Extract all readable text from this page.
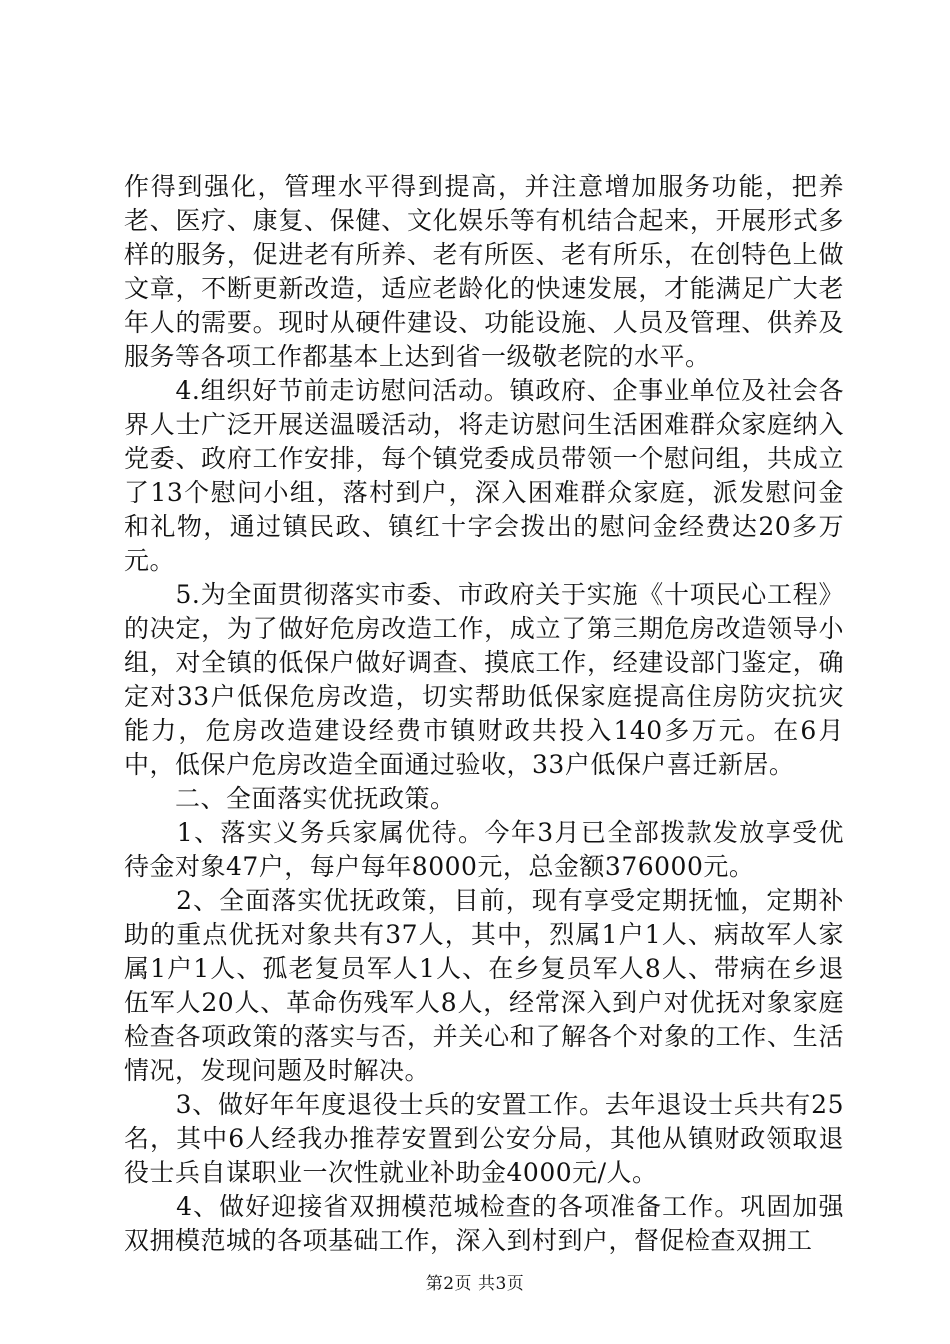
作得到强化，管理水平得到提高，并注意增加服务功能，把养老、医疗、康复、保健、文化娱乐等有机结合起来，开展形式多样的服务，促进老有所养、老有所医、老有所乐，在创特色上做文章，不断更新改造，适应老龄化的快速发展，才能满足广大老年人的需要。现时从硬件建设、功能设施、人员及管理、供养及服务等各项工作都基本上达到省一级敬老院的水平。

　　4.组织好节前走访慰问活动。镇政府、企事业单位及社会各界人士广泛开展送温暖活动，将走访慰问生活困难群众家庭纳入党委、政府工作安排，每个镇党委成员带领一个慰问组，共成立了13个慰问小组，落村到户，深入困难群众家庭，派发慰问金和礼物，通过镇民政、镇红十字会拨出的慰问金经费达20多万元。

　　5.为全面贯彻落实市委、市政府关于实施《十项民心工程》的决定，为了做好危房改造工作，成立了第三期危房改造领导小组，对全镇的低保户做好调查、摸底工作，经建设部门鉴定，确定对33户低保危房改造，切实帮助低保家庭提高住房防灾抗灾能力，危房改造建设经费市镇财政共投入140多万元。在6月中，低保户危房改造全面通过验收，33户低保户喜迁新居。

　　二、全面落实优抚政策。

　　1、落实义务兵家属优待。今年3月已全部拨款发放享受优待金对象47户，每户每年8000元，总金额376000元。

　　2、全面落实优抚政策，目前，现有享受定期抚恤，定期补助的重点优抚对象共有37人，其中，烈属1户1人、病故军人家属1户1人、孤老复员军人1人、在乡复员军人8人、带病在乡退伍军人20人、革命伤残军人8人，经常深入到户对优抚对象家庭检查各项政策的落实与否，并关心和了解各个对象的工作、生活情况，发现问题及时解决。

　　3、做好年年度退役士兵的安置工作。去年退设士兵共有25名，其中6人经我办推荐安置到公安分局，其他从镇财政领取退役士兵自谋职业一次性就业补助金4000元/人。

　　4、做好迎接省双拥模范城检查的各项准备工作。巩固加强双拥模范城的各项基础工作，深入到村到户，督促检查双拥工

第2页 共3页
